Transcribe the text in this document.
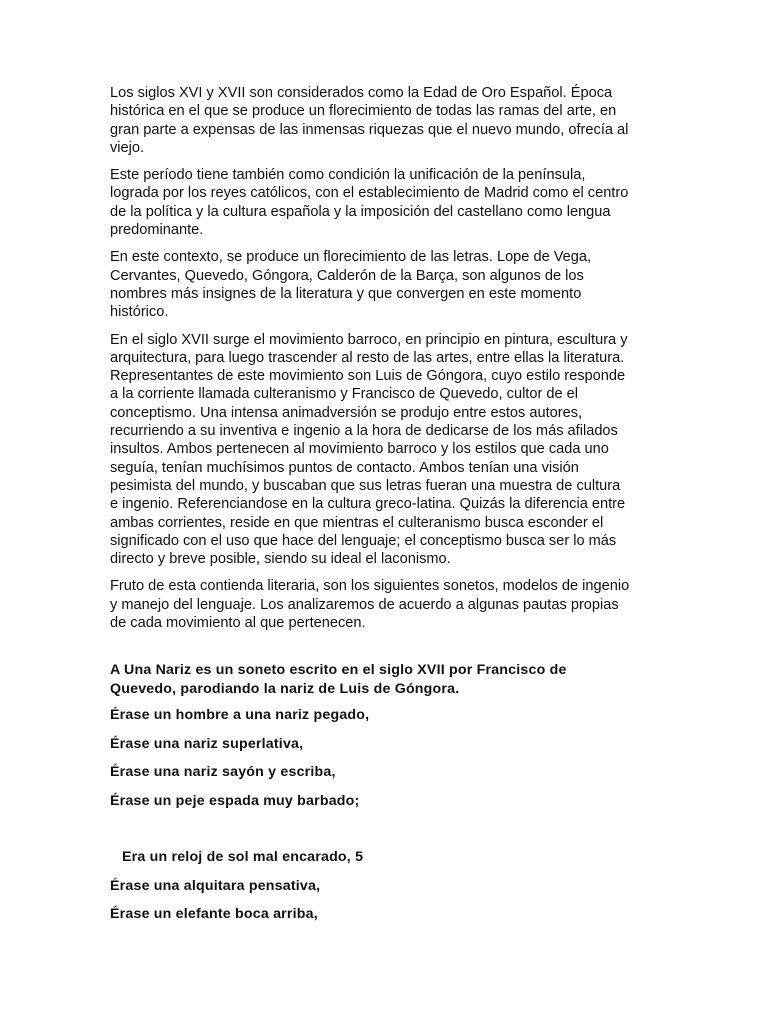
Los siglos XVI y XVII son considerados como la Edad de Oro Español. Época histórica en el que se produce un florecimiento de todas las ramas del arte, en gran parte a expensas de las inmensas riquezas que el nuevo mundo, ofrecía al viejo.

Este período tiene también como condición la unificación de la península, lograda por los reyes católicos, con el establecimiento de Madrid como el centro de la política y la cultura española y la imposición del castellano como lengua predominante.

En este contexto, se produce un florecimiento de las letras. Lope de Vega, Cervantes, Quevedo, Góngora, Calderón de la Barça, son algunos de los nombres más insignes de la literatura y que convergen en este momento histórico.

En el siglo XVII surge el movimiento barroco, en principio en pintura, escultura y arquitectura, para luego trascender al resto de las artes, entre ellas la literatura. Representantes de este movimiento son Luis de Góngora, cuyo estilo responde a la corriente llamada culteranismo y Francisco de Quevedo, cultor de el conceptismo. Una intensa animadversión se produjo entre estos autores, recurriendo a su inventiva e ingenio a la hora de dedicarse de los más afilados insultos. Ambos pertenecen al movimiento barroco y los estilos que cada uno seguía, tenían muchísimos puntos de contacto. Ambos tenían una visión pesimista del mundo, y buscaban que sus letras fueran una muestra de cultura e ingenio. Referenciandose en la cultura greco-latina. Quizás la diferencia entre ambas corrientes, reside en que mientras el culteranismo busca esconder el significado con el uso que hace del lenguaje; el conceptismo busca ser lo más directo y breve posible, siendo su ideal el laconismo.

Fruto de esta contienda literaria, son los siguientes sonetos, modelos de ingenio y manejo del lenguaje. Los analizaremos de acuerdo a algunas pautas propias de cada movimiento al que pertenecen.

A Una Nariz es un soneto escrito en el siglo XVII por Francisco de Quevedo, parodiando la nariz de Luis de Góngora.

Érase un hombre a una nariz pegado,

Érase una nariz superlativa,

Érase una nariz sayón y escriba,

Érase un peje espada muy barbado;

Era un reloj de sol mal encarado, 5

Érase una alquitara pensativa,

Érase un elefante boca arriba,
